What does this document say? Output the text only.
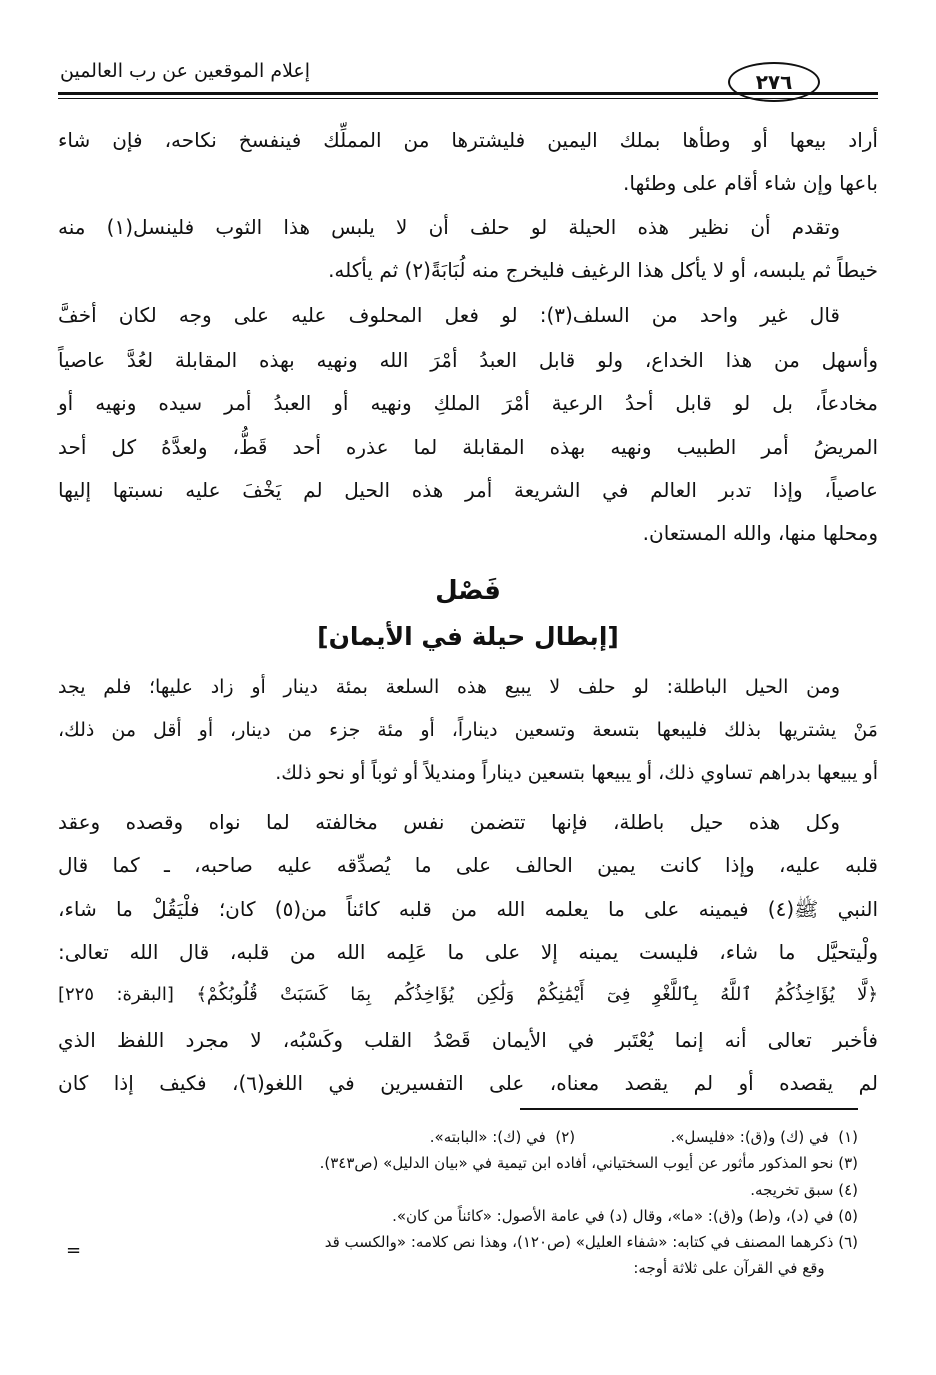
إعلام الموقعين عن رب العالمين	٢٧٦
أراد بيعها أو وطأها بملك اليمين فليشترها من المملِّك فينفسخ نكاحه، فإن شاء
باعها وإن شاء أقام على وطئها.
وتقدم أن نظير هذه الحيلة لو حلف أن لا يلبس هذا الثوب فلينسل(١) منه
خيطاً ثم يلبسه، أو لا يأكل هذا الرغيف فليخرج منه لُبَابَةً(٢) ثم يأكله.
قال غير واحد من السلف(٣): لو فعل المحلوف عليه على وجه لكان أخفَّ
وأسهل من هذا الخداع، ولو قابل العبدُ أمْرَ الله ونهيه بهذه المقابلة لعُدَّ عاصياً
مخادعاً، بل لو قابل أحدُ الرعية أمْرَ الملكِ ونهيه أو العبدُ أمر سيده ونهيه أو
المريضُ أمر الطبيب ونهيه بهذه المقابلة لما عذره أحد قَطُّ، ولعدَّهُ كل أحد
عاصياً، وإذا تدبر العالم في الشريعة أمر هذه الحيل لم يَخْفَ عليه نسبتها إليها
ومحلها منها، والله المستعان.
فَصْل
[إبطال حيلة في الأيمان]
ومن الحيل الباطلة: لو حلف لا يبيع هذه السلعة بمئة دينار أو زاد عليها؛ فلم يجد
مَنْ يشتريها بذلك فليبعها بتسعة وتسعين ديناراً، أو مئة جزء من دينار، أو أقل من ذلك،
أو يبيعها بدراهم تساوي ذلك، أو يبيعها بتسعين ديناراً ومنديلاً أو ثوباً أو نحو ذلك.
وكل هذه حيل باطلة، فإنها تتضمن نفس مخالفته لما نواه وقصده وعقد
قلبه عليه، وإذا كانت يمين الحالف على ما يُصدِّقه عليه صاحبه، ـ كما قال
النبي ﷺ(٤) فيمينه على ما يعلمه الله من قلبه كائناً من(٥) كان؛ فلْيَقُلْ ما شاء،
ولْيتحيَّل ما شاء، فليست يمينه إلا على ما عَلِمه الله من قلبه، قال الله تعالى:
﴿لَّا يُؤَاخِذُكُمُ ٱللَّهُ بِٱللَّغْوِ فِىٓ أَيْمَٰنِكُمْ وَلَٰكِن يُؤَاخِذُكُم بِمَا كَسَبَتْ قُلُوبُكُمْ﴾ [البقرة: ٢٢٥]
فأخبر تعالى أنه إنما يُعْتَبر في الأيمان قَصْدُ القلب وكَسْبُه، لا مجرد اللفظ الذي
لم يقصده أو لم يقصد معناه، على التفسيرين في اللغو(٦)، فكيف إذا كان
(١)  في (ك) و(ق): «فليسل».                    (٢)  في (ك): «البابته».
(٣) نحو المذكور مأثور عن أيوب السختياني، أفاده ابن تيمية في «بيان الدليل» (ص٣٤٣).
(٤) سبق تخريجه.
(٥) في (د)، و(ط) و(ق): «ما»، وقال (د) في عامة الأصول: «كائناً من كان».
(٦) ذكرهما المصنف في كتابه: «شفاء العليل» (ص١٢٠)، وهذا نص كلامه: «والكسب قد
وقع في القرآن على ثلاثة أوجه:
=
